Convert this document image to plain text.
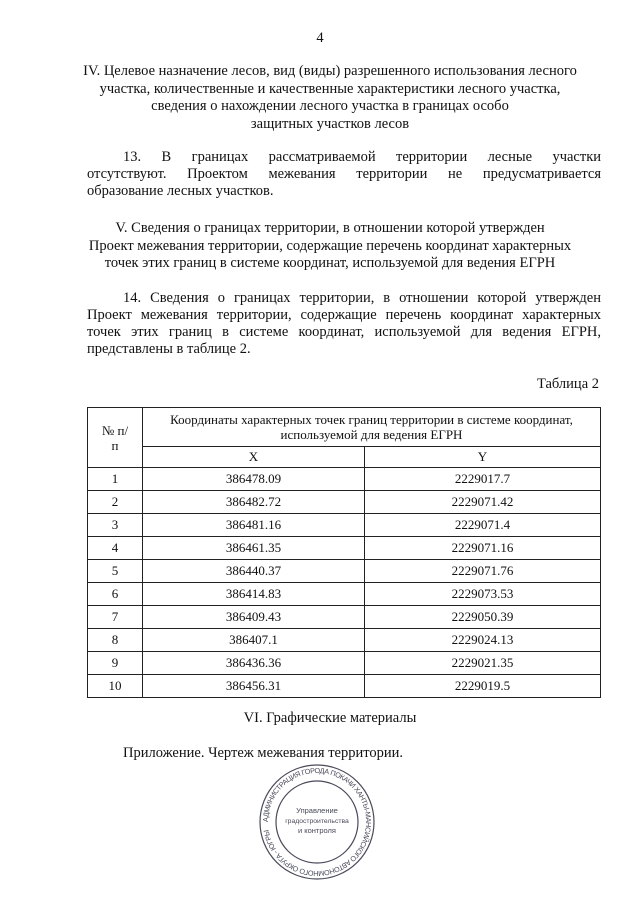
4
IV. Целевое назначение лесов, вид (виды) разрешенного использования лесного
участка, количественные и качественные характеристики лесного участка,
сведения о нахождении лесного участка в границах особо
защитных участков лесов
13. В границах рассматриваемой территории лесные участки
отсутствуют. Проектом межевания территории не предусматривается
образование лесных участков.
V. Сведения о границах территории, в отношении которой утвержден
Проект межевания территории, содержащие перечень координат характерных
точек этих границ в системе координат, используемой для ведения ЕГРН
14. Сведения о границах территории, в отношении которой утвержден
Проект межевания территории, содержащие перечень координат характерных
точек этих границ в системе координат, используемой для ведения ЕГРН,
представлены в таблице 2.
Таблица 2
№ п/п	Координаты характерных точек границ территории в системе координат, используемой для ведения ЕГРН	
	X	Y
1	386478.09	2229017.7
2	386482.72	2229071.42
3	386481.16	2229071.4
4	386461.35	2229071.16
5	386440.37	2229071.76
6	386414.83	2229073.53
7	386409.43	2229050.39
8	386407.1	2229024.13
9	386436.36	2229021.35
10	386456.31	2229019.5
VI. Графические материалы
Приложение. Чертеж межевания территории.
АДМИНИСТРАЦИЯ ГОРОДА ПОКАЧИ ХАНТЫ-МАНСИЙСКОГО АВТОНОМНОГО ОКРУГА - ЮГРЫ
Управление
градостроительства
и контроля
